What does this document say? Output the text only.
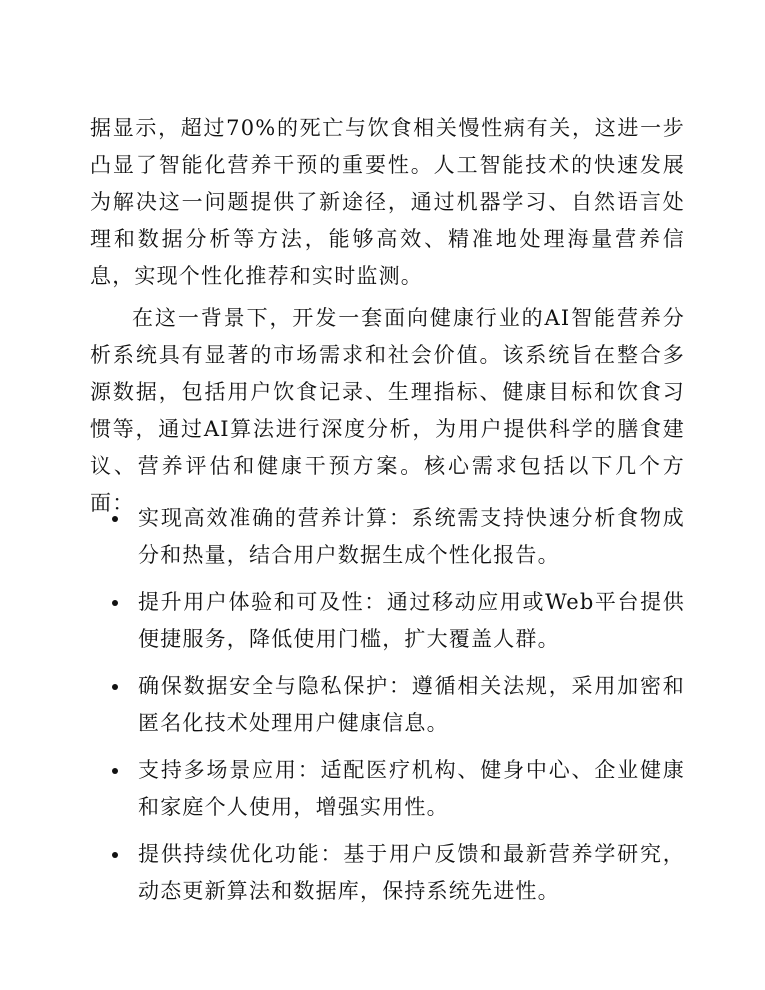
据显示，超过70%的死亡与饮食相关慢性病有关，这进一步凸显了智能化营养干预的重要性。人工智能技术的快速发展为解决这一问题提供了新途径，通过机器学习、自然语言处理和数据分析等方法，能够高效、精准地处理海量营养信息，实现个性化推荐和实时监测。

在这一背景下，开发一套面向健康行业的AI智能营养分析系统具有显著的市场需求和社会价值。该系统旨在整合多源数据，包括用户饮食记录、生理指标、健康目标和饮食习惯等，通过AI算法进行深度分析，为用户提供科学的膳食建议、营养评估和健康干预方案。核心需求包括以下几个方面：

实现高效准确的营养计算：系统需支持快速分析食物成分和热量，结合用户数据生成个性化报告。
提升用户体验和可及性：通过移动应用或Web平台提供便捷服务，降低使用门槛，扩大覆盖人群。
确保数据安全与隐私保护：遵循相关法规，采用加密和匿名化技术处理用户健康信息。
支持多场景应用：适配医疗机构、健身中心、企业健康和家庭个人使用，增强实用性。
提供持续优化功能：基于用户反馈和最新营养学研究，动态更新算法和数据库，保持系统先进性。
